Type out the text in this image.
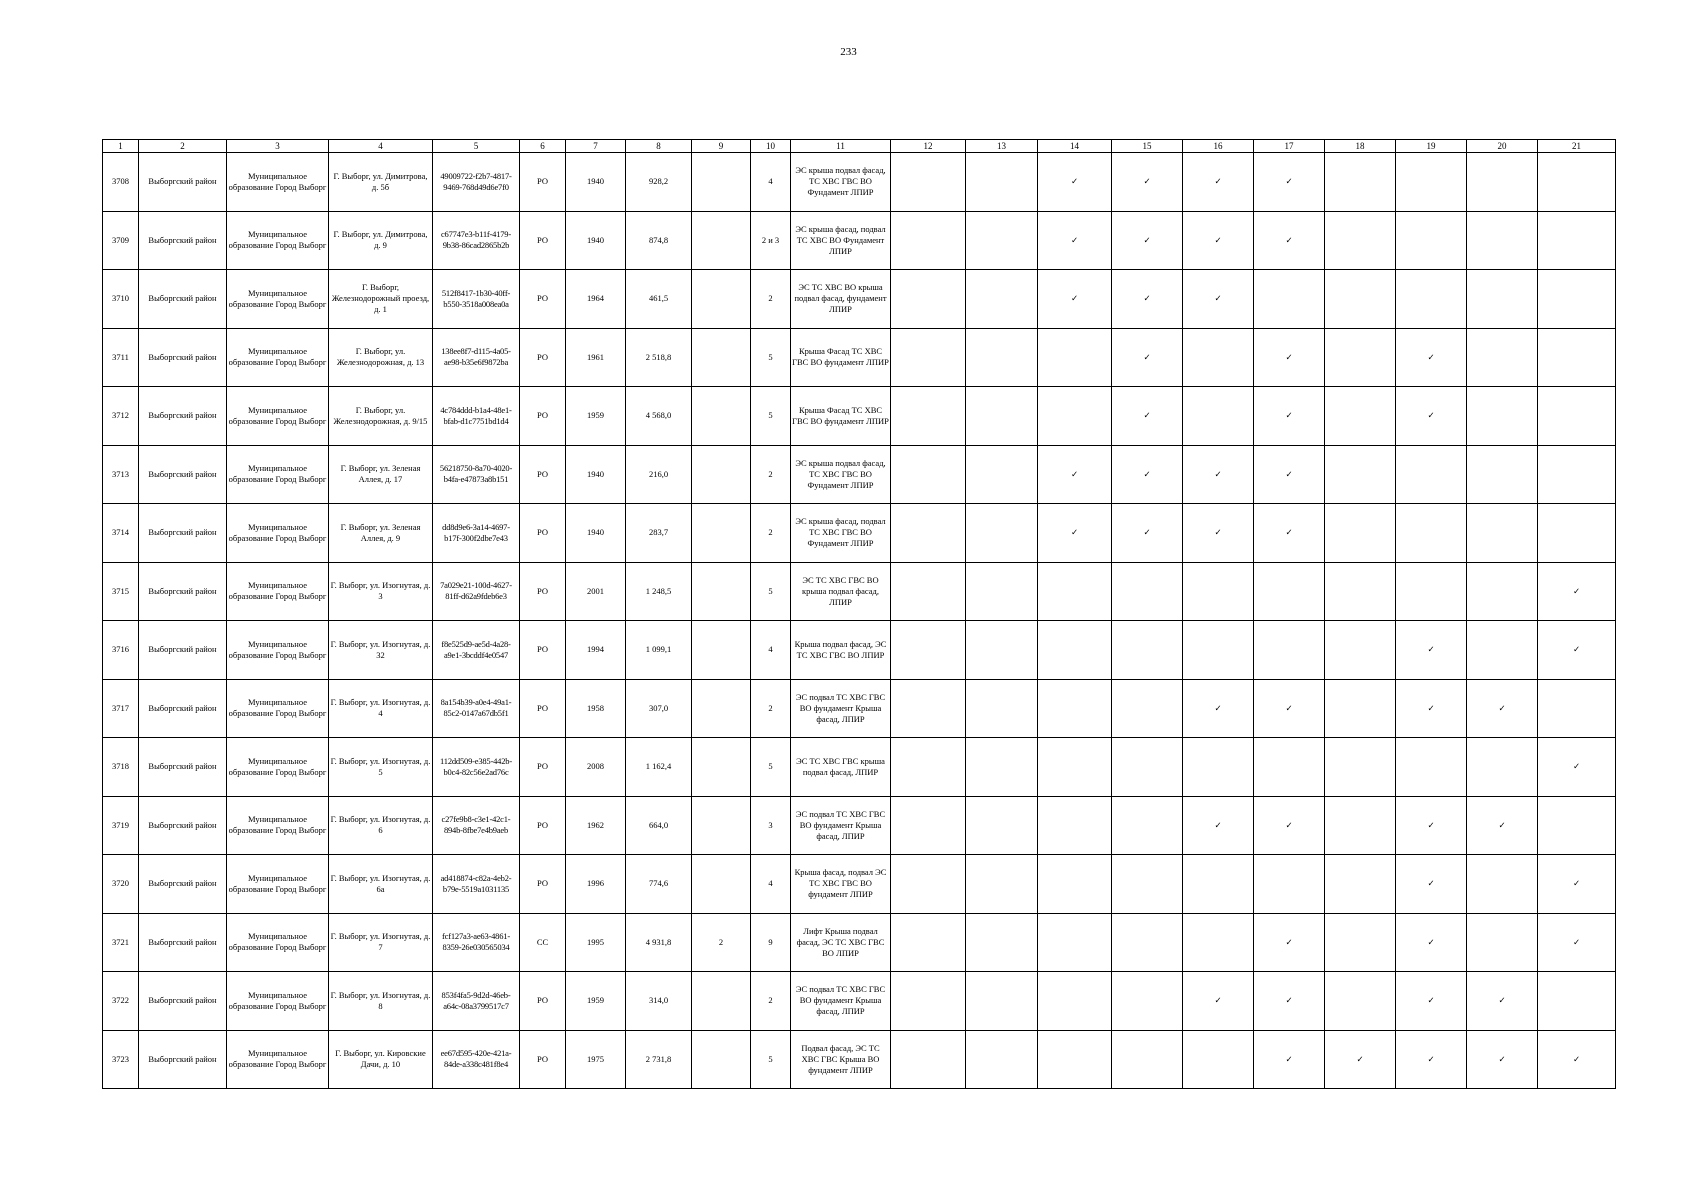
233
1	2	3	4	5	6	7	8	9	10	11	12	13	14	15	16	17	18	19	20	21
3708	Выборгский район	Муниципальное образование Город Выборг	Г. Выборг, ул. Димитрова, д. 5б	49009722-f2b7-4817-9469-768d49d6e7f0	РО	1940	928,2		4	ЭС крыша подвал фасад, ТС ХВС ГВС ВО Фундамент ЛПИР			✓	✓	✓	✓				
3709	Выборгский район	Муниципальное образование Город Выборг	Г. Выборг, ул. Димитрова, д. 9	c67747e3-b11f-4179-9b38-86cad2865b2b	РО	1940	874,8		2 и 3	ЭС крыша фасад, подвал ТС ХВС ВО Фундамент ЛПИР			✓	✓	✓	✓				
3710	Выборгский район	Муниципальное образование Город Выборг	Г. Выборг, Железнодорожный проезд, д. 1	512f8417-1b30-40ff-b550-3518a008ea0a	РО	1964	461,5		2	ЭС ТС ХВС ВО крыша подвал фасад, фундамент ЛПИР			✓	✓	✓					
3711	Выборгский район	Муниципальное образование Город Выборг	Г. Выборг, ул. Железнодорожная, д. 13	138ee8f7-d115-4a05-ae98-b35e6f9872ba	РО	1961	2 518,8		5	Крыша Фасад ТС ХВС ГВС ВО фундамент ЛПИР				✓		✓		✓		
3712	Выборгский район	Муниципальное образование Город Выборг	Г. Выборг, ул. Железнодорожная, д. 9/15	4c784ddd-b1a4-48e1-bfab-d1c7751bd1d4	РО	1959	4 568,0		5	Крыша Фасад ТС ХВС ГВС ВО фундамент ЛПИР				✓		✓		✓		
3713	Выборгский район	Муниципальное образование Город Выборг	Г. Выборг, ул. Зеленая Аллея, д. 17	56218750-8a70-4020-b4fa-e47873a8b151	РО	1940	216,0		2	ЭС крыша подвал фасад, ТС ХВС ГВС ВО Фундамент ЛПИР			✓	✓	✓	✓				
3714	Выборгский район	Муниципальное образование Город Выборг	Г. Выборг, ул. Зеленая Аллея, д. 9	dd8d9e6-3a14-4697-b17f-300f2dbe7e43	РО	1940	283,7		2	ЭС крыша фасад, подвал ТС ХВС ГВС ВО Фундамент ЛПИР			✓	✓	✓	✓				
3715	Выборгский район	Муниципальное образование Город Выборг	Г. Выборг, ул. Изогнутая, д. 3	7a029e21-100d-4627-81ff-d62a9fdeb6e3	РО	2001	1 248,5		5	ЭС ТС ХВС ГВС ВО крыша подвал фасад, ЛПИР										✓
3716	Выборгский район	Муниципальное образование Город Выборг	Г. Выборг, ул. Изогнутая, д. 32	f8e525d9-ae5d-4a28-a9e1-3bcddf4e0547	РО	1994	1 099,1		4	Крыша подвал фасад, ЭС ТС ХВС ГВС ВО ЛПИР								✓		✓
3717	Выборгский район	Муниципальное образование Город Выборг	Г. Выборг, ул. Изогнутая, д. 4	8a154b39-a0e4-49a1-85c2-0147a67db5f1	РО	1958	307,0		2	ЭС подвал ТС ХВС ГВС ВО фундамент Крыша фасад, ЛПИР					✓	✓		✓	✓	
3718	Выборгский район	Муниципальное образование Город Выборг	Г. Выборг, ул. Изогнутая, д. 5	112dd509-e385-442b-b0c4-82c56e2ad76c	РО	2008	1 162,4		5	ЭС ТС ХВС ГВС крыша подвал фасад, ЛПИР										✓
3719	Выборгский район	Муниципальное образование Город Выборг	Г. Выборг, ул. Изогнутая, д. 6	c27fe9b8-c3e1-42c1-894b-8fbe7e4b9aeb	РО	1962	664,0		3	ЭС подвал ТС ХВС ГВС ВО фундамент Крыша фасад, ЛПИР					✓	✓		✓	✓	
3720	Выборгский район	Муниципальное образование Город Выборг	Г. Выборг, ул. Изогнутая, д. 6а	ad418874-c82a-4eb2-b79e-5519a1031135	РО	1996	774,6		4	Крыша фасад, подвал ЭС ТС ХВС ГВС ВО фундамент ЛПИР								✓		✓
3721	Выборгский район	Муниципальное образование Город Выборг	Г. Выборг, ул. Изогнутая, д. 7	fcf127a3-ae63-4861-8359-26e030565034	СС	1995	4 931,8	2	9	Лифт Крыша подвал фасад, ЭС ТС ХВС ГВС ВО ЛПИР						✓		✓		✓
3722	Выборгский район	Муниципальное образование Город Выборг	Г. Выборг, ул. Изогнутая, д. 8	853f4fa5-9d2d-46eb-a64c-08a3799517c7	РО	1959	314,0		2	ЭС подвал ТС ХВС ГВС ВО фундамент Крыша фасад, ЛПИР					✓	✓		✓	✓	
3723	Выборгский район	Муниципальное образование Город Выборг	Г. Выборг, ул. Кировские Дачи, д. 10	ee67d595-420e-421a-84de-a338c481f8e4	РО	1975	2 731,8		5	Подвал фасад, ЭС ТС ХВС ГВС Крыша ВО фундамент ЛПИР						✓	✓	✓	✓	✓
